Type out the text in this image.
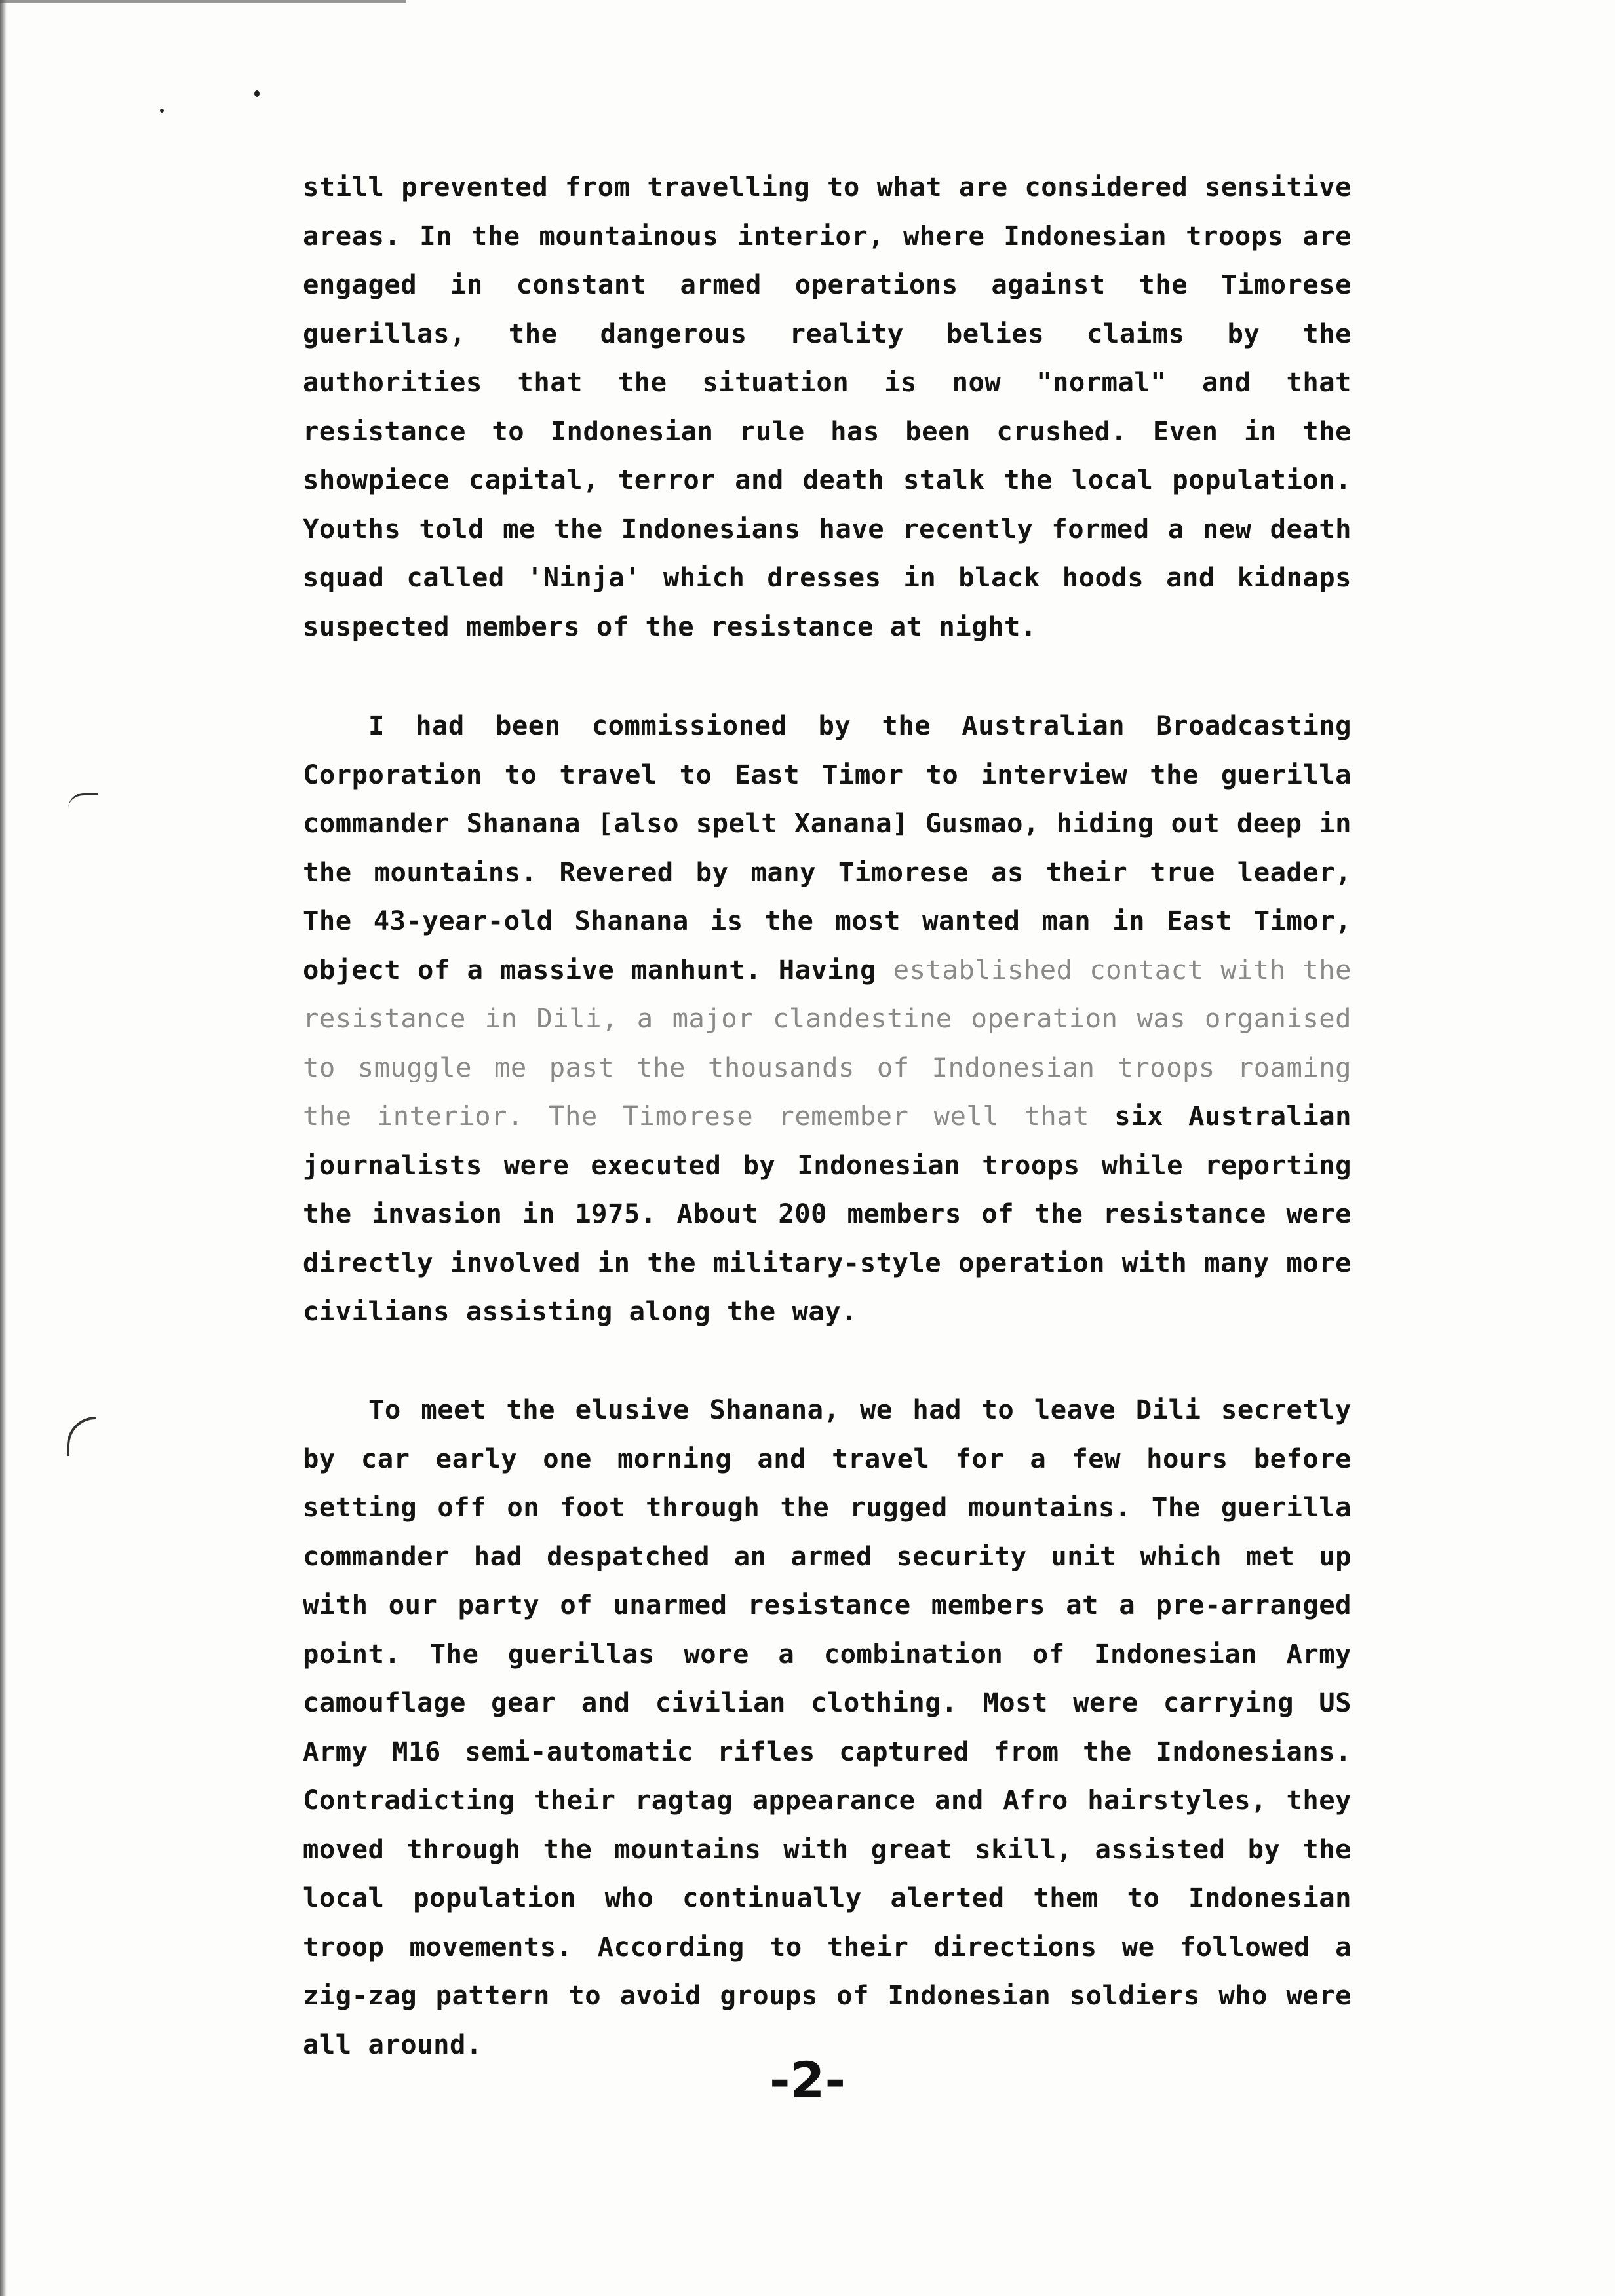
still prevented from travelling to what are considered sensitive areas. In the mountainous interior, where Indonesian troops are engaged in constant armed operations against the Timorese guerillas, the dangerous reality belies claims by the authorities that the situation is now "normal" and that resistance to Indonesian rule has been crushed. Even in the showpiece capital, terror and death stalk the local population. Youths told me the Indonesians have recently formed a new death squad called 'Ninja' which dresses in black hoods and kidnaps suspected members of the resistance at night.

I had been commissioned by the Australian Broadcasting Corporation to travel to East Timor to interview the guerilla commander Shanana [also spelt Xanana] Gusmao, hiding out deep in the mountains. Revered by many Timorese as their true leader, The 43-year-old Shanana is the most wanted man in East Timor, object of a massive manhunt. Having established contact with the resistance in Dili, a major clandestine operation was organised to smuggle me past the thousands of Indonesian troops roaming the interior. The Timorese remember well that six Australian journalists were executed by Indonesian troops while reporting the invasion in 1975. About 200 members of the resistance were directly involved in the military-style operation with many more civilians assisting along the way.

To meet the elusive Shanana, we had to leave Dili secretly by car early one morning and travel for a few hours before setting off on foot through the rugged mountains. The guerilla commander had despatched an armed security unit which met up with our party of unarmed resistance members at a pre-arranged point. The guerillas wore a combination of Indonesian Army camouflage gear and civilian clothing. Most were carrying US Army M16 semi-automatic rifles captured from the Indonesians. Contradicting their ragtag appearance and Afro hairstyles, they moved through the mountains with great skill, assisted by the local population who continually alerted them to Indonesian troop movements. According to their directions we followed a zig-zag pattern to avoid groups of Indonesian soldiers who were all around.

-2-
